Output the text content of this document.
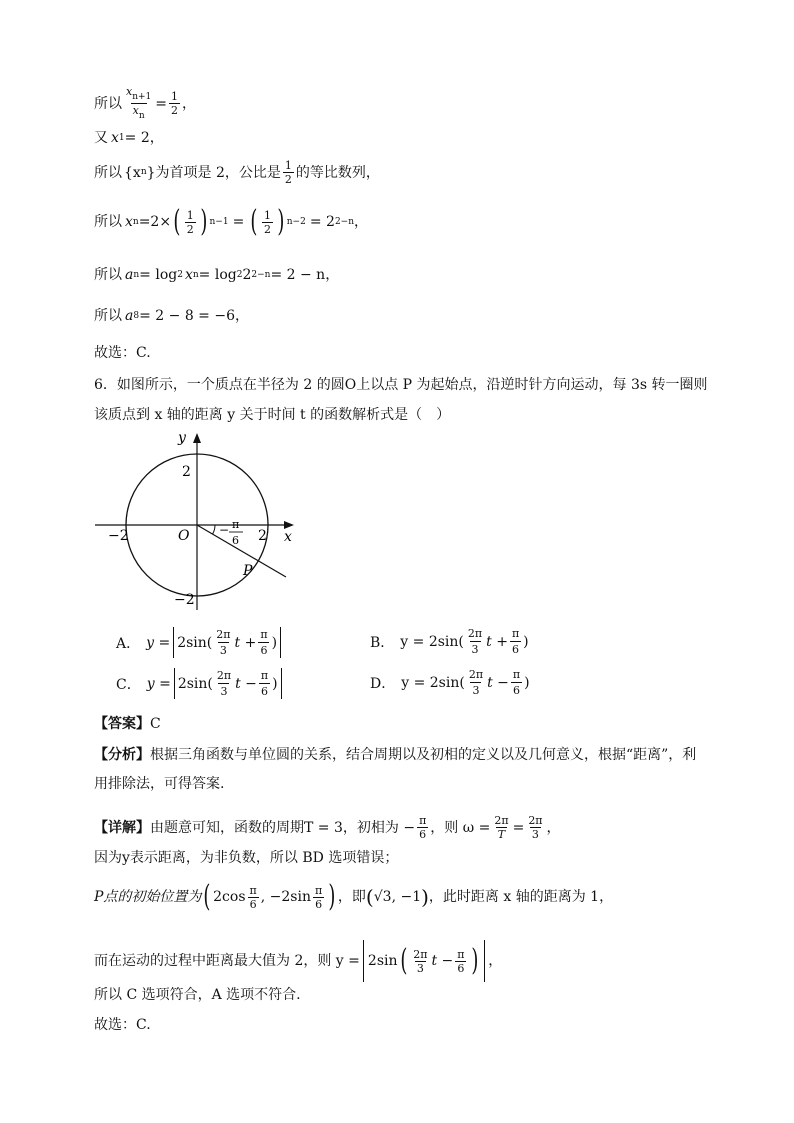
所以 $\frac{x_{n+1}}{x_n} = \frac{1}{2}$ ，
又 x 1 = 2，
所以 {x n } 为首项是 2，公比是 $\frac{1}{2}$ 的等比数列，
所以 x n =2× ( $\frac{1}{2}$ ) n−1 = ( $\frac{1}{2}$ ) n−2 = 2 2−n ，
所以 a n = log 2 x n = log 2 2 2−n = 2 − n，
所以 a 8 = 2 − 8 = −6，
故选：C.
6．如图所示，一个质点在半径为 2 的圆O上以点 P 为起始点，沿逆时针方向运动，每 3s 转一圈则
该质点到 x 轴的距离 y 关于时间 t 的函数解析式是（　）
y
x
O
P
2
2
−2
−2
− π
6
A． $y = 2\sin( \frac{2\pi}{3}$ $t + \frac{\pi}{6}$ )	B． $y = 2\sin( \frac{2\pi}{3}$ $t + \frac{\pi}{6}$ )
C． $y = 2\sin( \frac{2\pi}{3}$ $t - \frac{\pi}{6}$ )	D． $y = 2\sin( \frac{2\pi}{3}$ $t - \frac{\pi}{6}$ )
【答案】 C
【分析】 根据三角函数与单位圆的关系，结合周期以及初相的定义以及几何意义，根据“距离”，利
用排除法，可得答案.
【详解】 由题意可知，函数的周期T = 3，初相为 − $\frac{\pi}{6}$ ，则 $\omega = \frac{2\pi}{T} = \frac{2\pi}{3}$ ，
因为y表示距离，为非负数，所以 BD 选项错误；
P点的初始位置为 ( $2\cos \frac{\pi}{6}$ , $-2\sin \frac{\pi}{6}$ ) ，即 ( √3, −1 ) ，此时距离 x 轴的距离为 1，
而在运动的过程中距离最大值为 2，则 y = 2sin ( $\frac{2\pi}{3}$ $t - \frac{\pi}{6}$ ) ，
所以 C 选项符合，A 选项不符合.
故选：C.
